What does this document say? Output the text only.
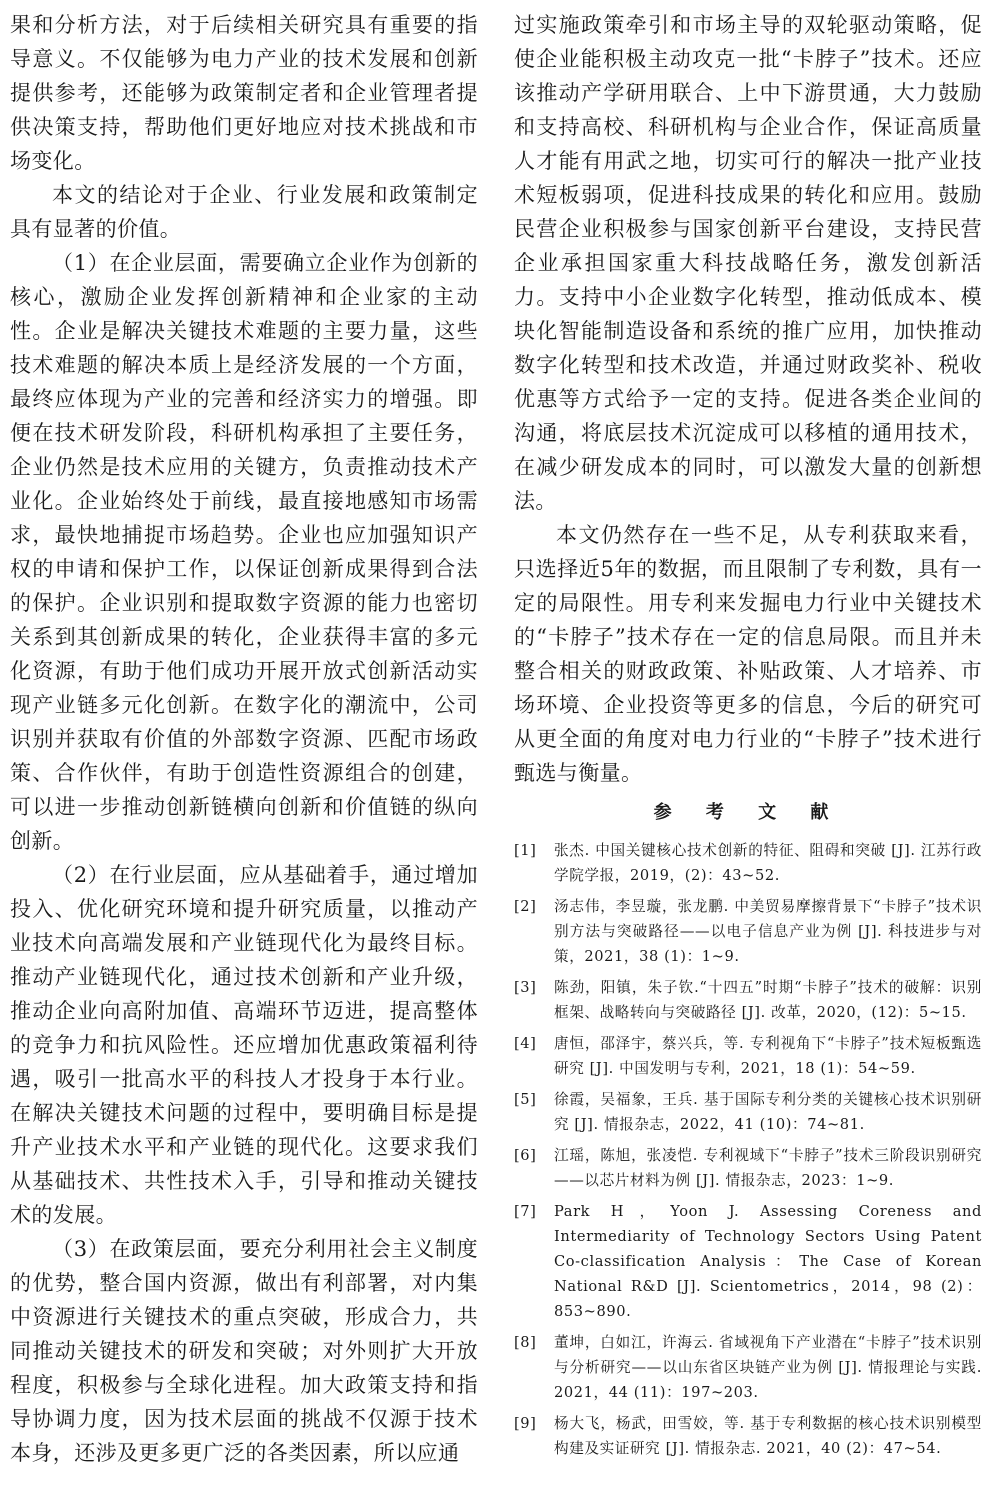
果和分析方法，对于后续相关研究具有重要的指导意义。不仅能够为电力产业的技术发展和创新提供参考，还能够为政策制定者和企业管理者提供决策支持，帮助他们更好地应对技术挑战和市场变化。

本文的结论对于企业、行业发展和政策制定具有显著的价值。

（1）在企业层面，需要确立企业作为创新的核心，激励企业发挥创新精神和企业家的主动性。企业是解决关键技术难题的主要力量，这些技术难题的解决本质上是经济发展的一个方面，最终应体现为产业的完善和经济实力的增强。即便在技术研发阶段，科研机构承担了主要任务，企业仍然是技术应用的关键方，负责推动技术产业化。企业始终处于前线，最直接地感知市场需求，最快地捕捉市场趋势。企业也应加强知识产权的申请和保护工作，以保证创新成果得到合法的保护。企业识别和提取数字资源的能力也密切关系到其创新成果的转化，企业获得丰富的多元化资源，有助于他们成功开展开放式创新活动实现产业链多元化创新。在数字化的潮流中，公司识别并获取有价值的外部数字资源、匹配市场政策、合作伙伴，有助于创造性资源组合的创建，可以进一步推动创新链横向创新和价值链的纵向创新。

（2）在行业层面，应从基础着手，通过增加投入、优化研究环境和提升研究质量，以推动产业技术向高端发展和产业链现代化为最终目标。推动产业链现代化，通过技术创新和产业升级，推动企业向高附加值、高端环节迈进，提高整体的竞争力和抗风险性。还应增加优惠政策福利待遇，吸引一批高水平的科技人才投身于本行业。在解决关键技术问题的过程中，要明确目标是提升产业技术水平和产业链的现代化。这要求我们从基础技术、共性技术入手，引导和推动关键技术的发展。

（3）在政策层面，要充分利用社会主义制度的优势，整合国内资源，做出有利部署，对内集中资源进行关键技术的重点突破，形成合力，共同推动关键技术的研发和突破；对外则扩大开放程度，积极参与全球化进程。加大政策支持和指导协调力度，因为技术层面的挑战不仅源于技术本身，还涉及更多更广泛的各类因素，所以应通

过实施政策牵引和市场主导的双轮驱动策略，促使企业能积极主动攻克一批“卡脖子”技术。还应该推动产学研用联合、上中下游贯通，大力鼓励和支持高校、科研机构与企业合作，保证高质量人才能有用武之地，切实可行的解决一批产业技术短板弱项，促进科技成果的转化和应用。鼓励民营企业积极参与国家创新平台建设，支持民营企业承担国家重大科技战略任务，激发创新活力。支持中小企业数字化转型，推动低成本、模块化智能制造设备和系统的推广应用，加快推动数字化转型和技术改造，并通过财政奖补、税收优惠等方式给予一定的支持。促进各类企业间的沟通，将底层技术沉淀成可以移植的通用技术，在减少研发成本的同时，可以激发大量的创新想法。

本文仍然存在一些不足，从专利获取来看，只选择近5年的数据，而且限制了专利数，具有一定的局限性。用专利来发掘电力行业中关键技术的“卡脖子”技术存在一定的信息局限。而且并未整合相关的财政政策、补贴政策、人才培养、市场环境、企业投资等更多的信息，今后的研究可从更全面的角度对电力行业的“卡脖子”技术进行甄选与衡量。

参 考 文 献
[1]	张杰. 中国关键核心技术创新的特征、阻碍和突破 [J]. 江苏行政学院学报，2019，(2)：43~52.
[2]	汤志伟，李昱璇，张龙鹏. 中美贸易摩擦背景下“卡脖子”技术识别方法与突破路径——以电子信息产业为例 [J]. 科技进步与对策，2021，38 (1)：1~9.
[3]	陈劲，阳镇，朱子钦.“十四五”时期“卡脖子”技术的破解：识别框架、战略转向与突破路径 [J]. 改革，2020，(12)：5~15.
[4]	唐恒，邵泽宇，蔡兴兵，等. 专利视角下“卡脖子”技术短板甄选研究 [J]. 中国发明与专利，2021，18 (1)：54~59.
[5]	徐霞，吴福象，王兵. 基于国际专利分类的关键核心技术识别研究 [J]. 情报杂志，2022，41 (10)：74~81.
[6]	江瑶，陈旭，张凌恺. 专利视域下“卡脖子”技术三阶段识别研究——以芯片材料为例 [J]. 情报杂志，2023：1~9.
[7]	Park H，Yoon J. Assessing Coreness and Intermediarity of Technology Sectors Using Patent Co-classification Analysis：The Case of Korean National R&D [J]. Scientometrics，2014，98 (2)：853~890.
[8]	董坤，白如江，许海云. 省域视角下产业潜在“卡脖子”技术识别与分析研究——以山东省区块链产业为例 [J]. 情报理论与实践. 2021，44 (11)：197~203.
[9]	杨大飞，杨武，田雪姣，等. 基于专利数据的核心技术识别模型构建及实证研究 [J]. 情报杂志. 2021，40 (2)：47~54.
